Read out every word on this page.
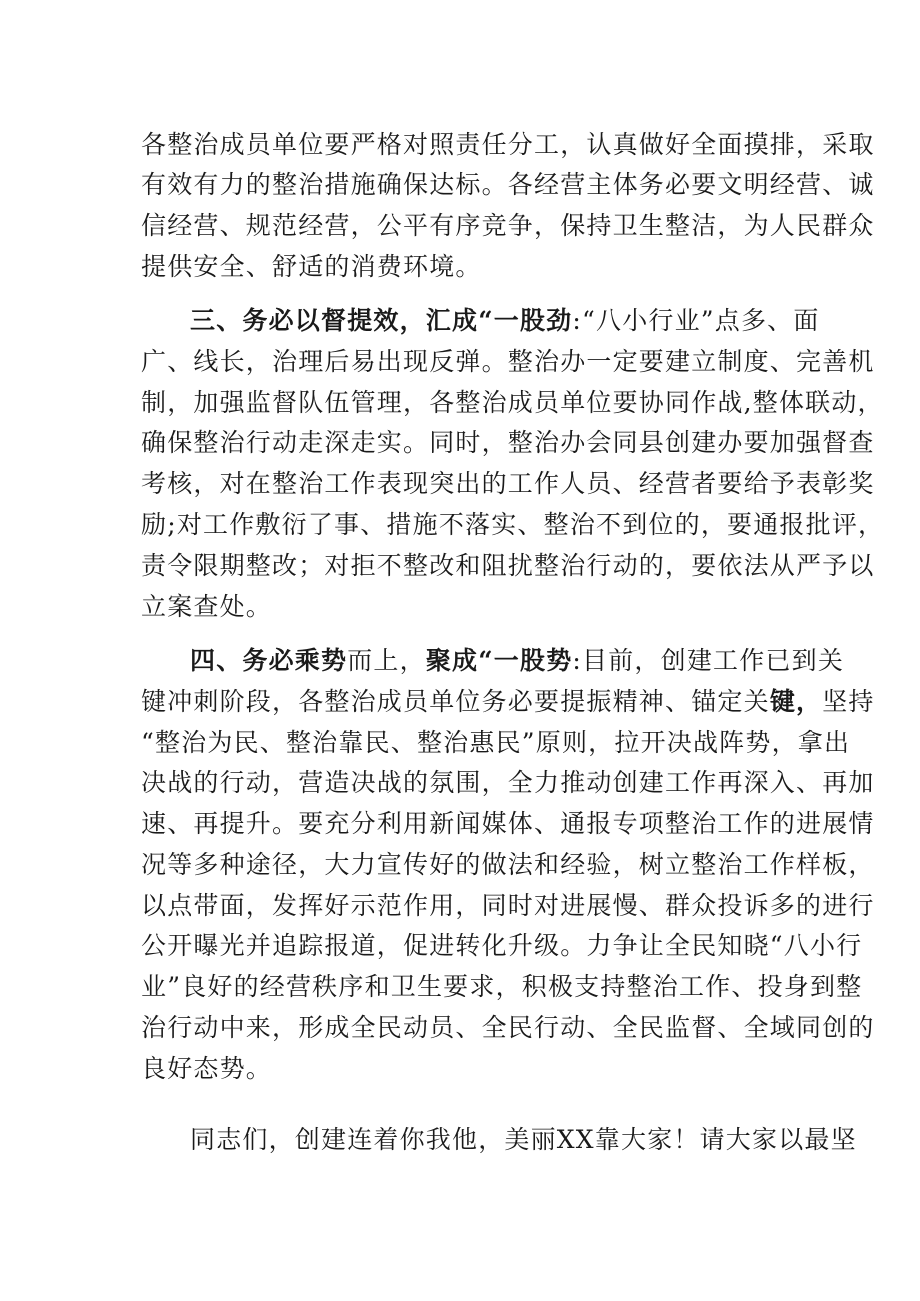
各整治成员单位要严格对照责任分工，认真做好全面摸排，采取
有效有力的整治措施确保达标。各经营主体务必要文明经营、诚
信经营、规范经营，公平有序竞争，保持卫生整洁，为人民群众
提供安全、舒适的消费环境。
三、务必以督提效，汇成“一股劲:“八小行业”点多、面
广、线长，治理后易出现反弹。整治办一定要建立制度、完善机
制，加强监督队伍管理，各整治成员单位要协同作战,整体联动，
确保整治行动走深走实。同时，整治办会同县创建办要加强督查
考核，对在整治工作表现突出的工作人员、经营者要给予表彰奖
励;对工作敷衍了事、措施不落实、整治不到位的，要通报批评，
责令限期整改；对拒不整改和阻扰整治行动的，要依法从严予以
立案查处。
四、务必乘势而上，聚成“一股势:目前，创建工作已到关
键冲刺阶段，各整治成员单位务必要提振精神、锚定关键，坚持
“整治为民、整治靠民、整治惠民”原则，拉开决战阵势，拿出
决战的行动，营造决战的氛围，全力推动创建工作再深入、再加
速、再提升。要充分利用新闻媒体、通报专项整治工作的进展情
况等多种途径，大力宣传好的做法和经验，树立整治工作样板，
以点带面，发挥好示范作用，同时对进展慢、群众投诉多的进行
公开曝光并追踪报道，促进转化升级。力争让全民知晓“八小行
业”良好的经营秩序和卫生要求，积极支持整治工作、投身到整
治行动中来，形成全民动员、全民行动、全民监督、全域同创的
良好态势。
同志们，创建连着你我他，美丽XX靠大家！请大家以最坚
